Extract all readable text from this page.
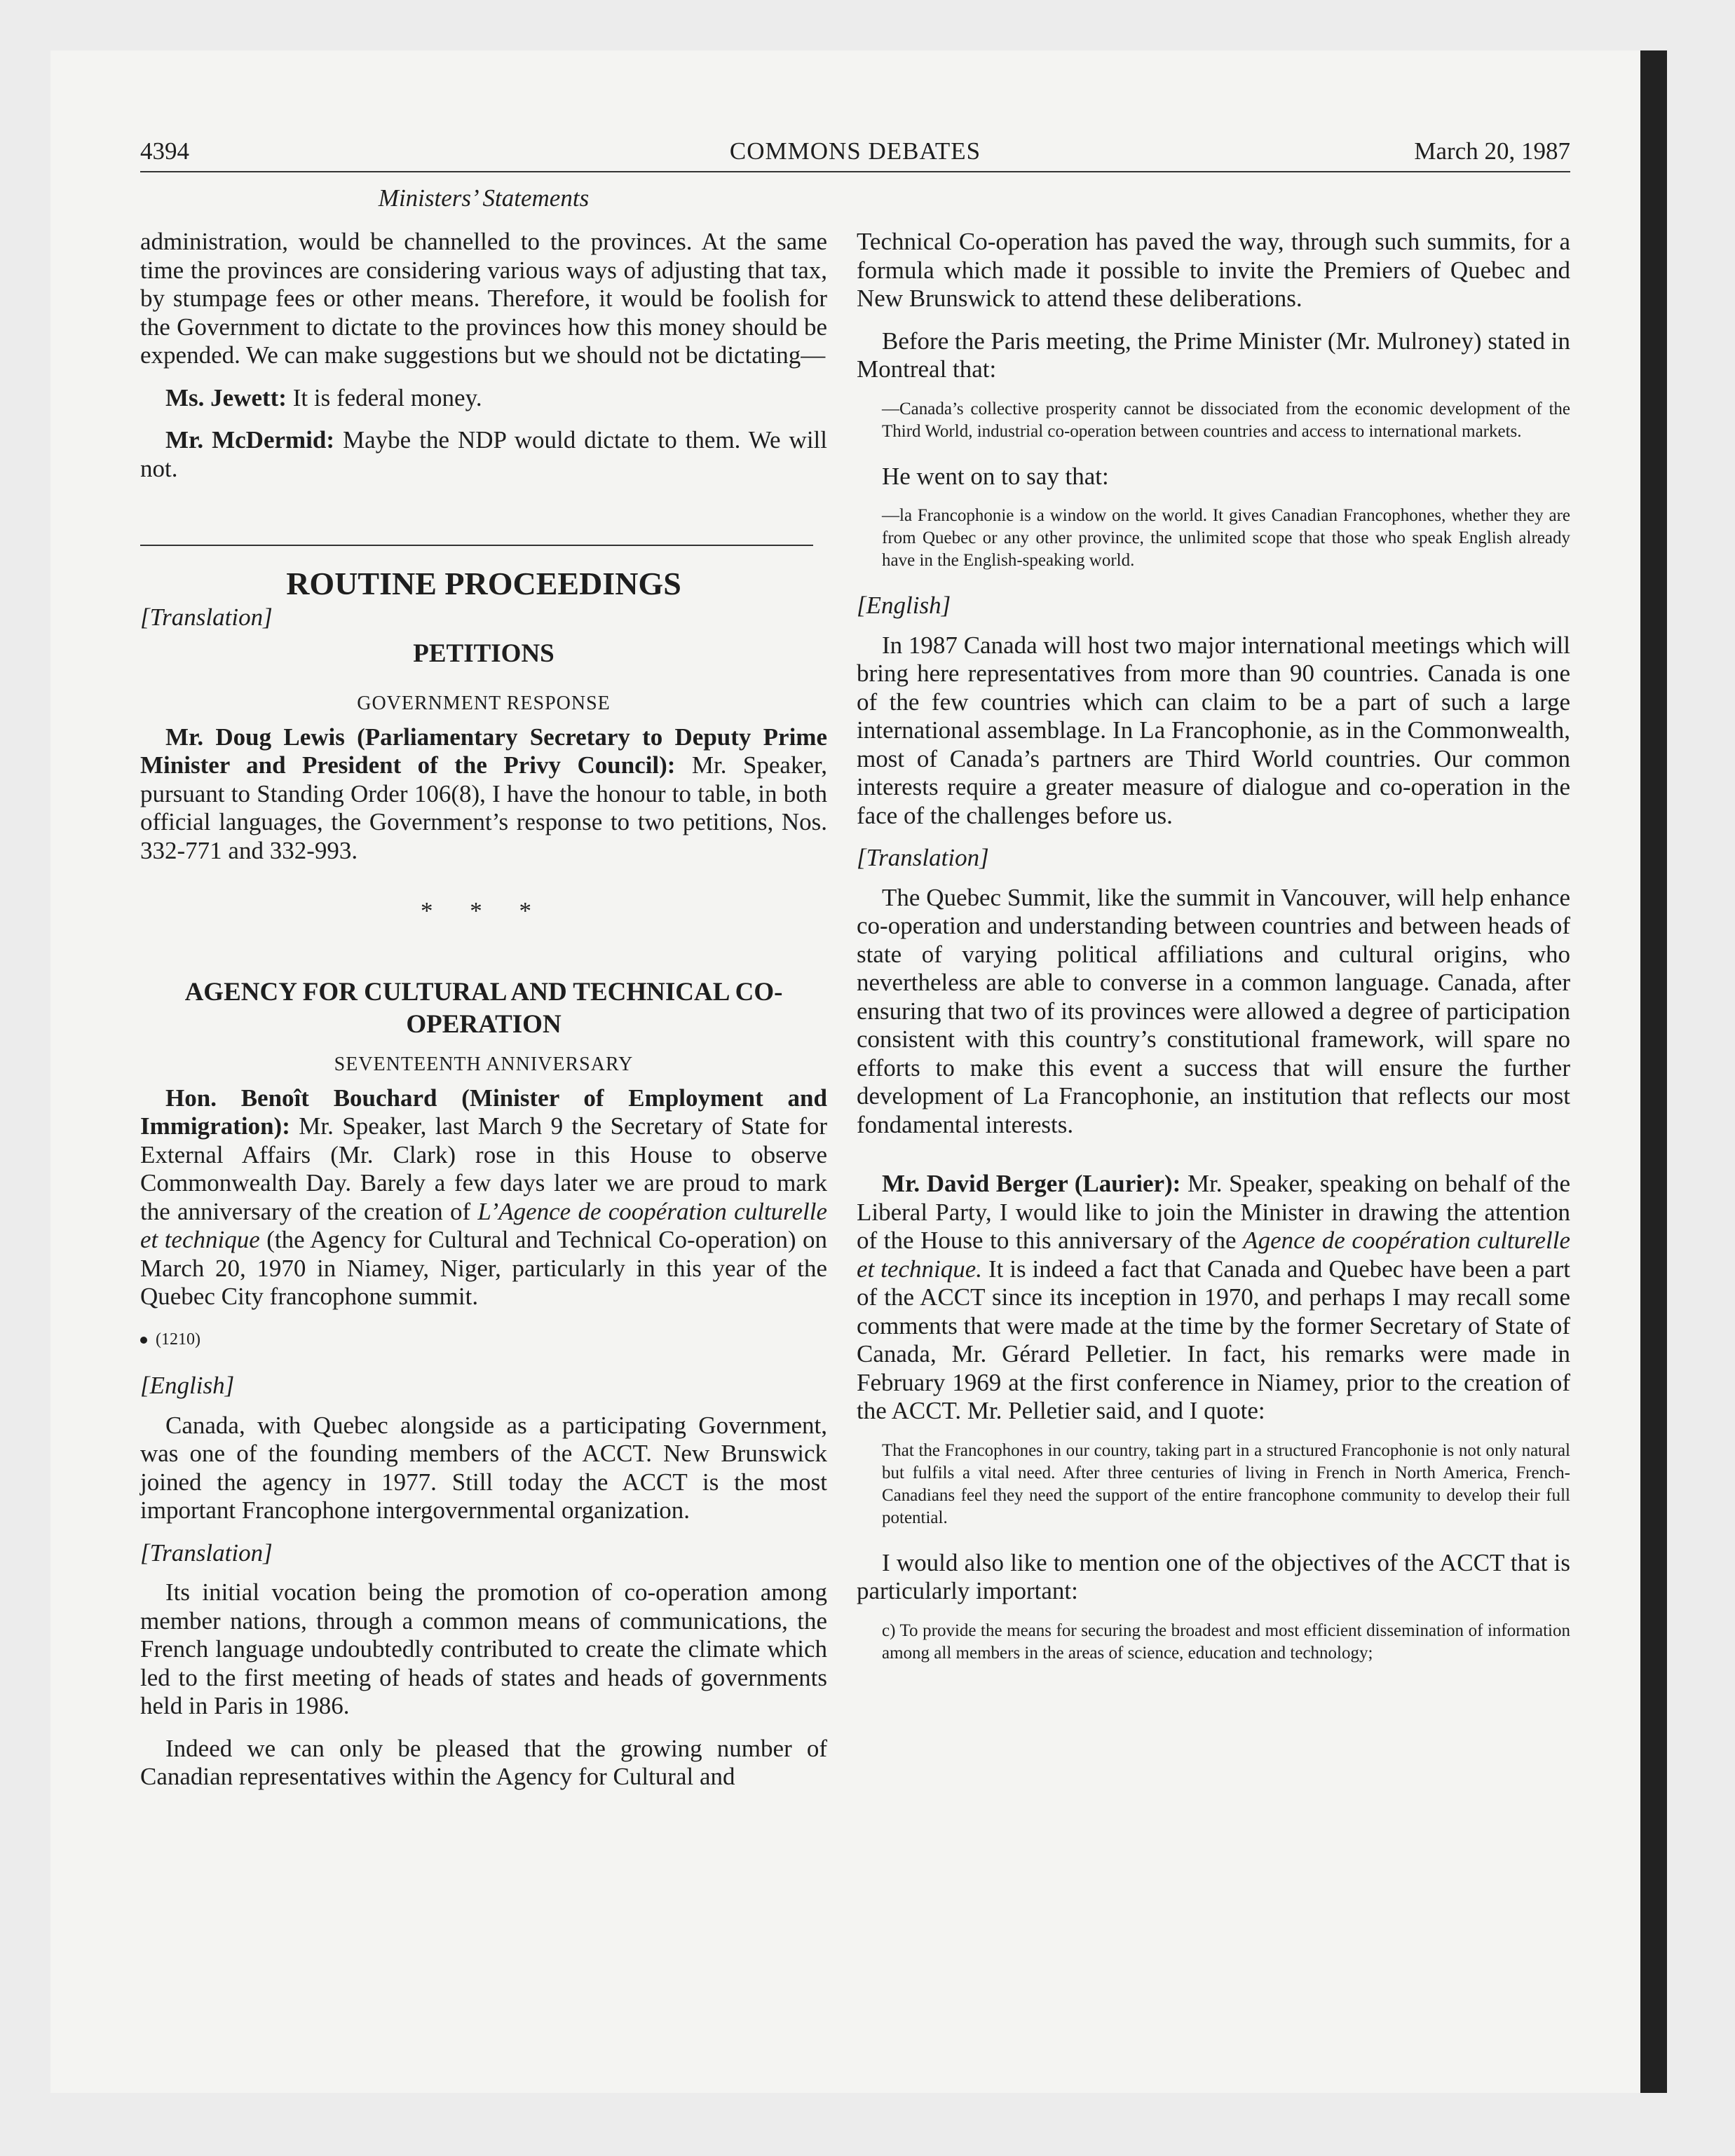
4394	COMMONS DEBATES	March 20, 1987
Ministers’ Statements

administration, would be channelled to the provinces. At the same time the provinces are considering various ways of adjusting that tax, by stumpage fees or other means. Therefore, it would be foolish for the Government to dictate to the provinces how this money should be expended. We can make suggestions but we should not be dictating—

Ms. Jewett: It is federal money.

Mr. McDermid: Maybe the NDP would dictate to them. We will not.

ROUTINE PROCEEDINGS
[Translation]
PETITIONS
GOVERNMENT RESPONSE

Mr. Doug Lewis (Parliamentary Secretary to Deputy Prime Minister and President of the Privy Council): Mr. Speaker, pursuant to Standing Order 106(8), I have the honour to table, in both official languages, the Government’s response to two petitions, Nos. 332-771 and 332-993.

* * *
AGENCY FOR CULTURAL AND TECHNICAL CO-OPERATION
SEVENTEENTH ANNIVERSARY

Hon. Benoît Bouchard (Minister of Employment and Immigration): Mr. Speaker, last March 9 the Secretary of State for External Affairs (Mr. Clark) rose in this House to observe Commonwealth Day. Barely a few days later we are proud to mark the anniversary of the creation of L’Agence de coopération culturelle et technique (the Agency for Cultural and Technical Co-operation) on March 20, 1970 in Niamey, Niger, particularly in this year of the Quebec City francophone summit.

(1210)
[English]

Canada, with Quebec alongside as a participating Government, was one of the founding members of the ACCT. New Brunswick joined the agency in 1977. Still today the ACCT is the most important Francophone intergovernmental organization.

[Translation]

Its initial vocation being the promotion of co-operation among member nations, through a common means of communications, the French language undoubtedly contributed to create the climate which led to the first meeting of heads of states and heads of governments held in Paris in 1986.

Indeed we can only be pleased that the growing number of Canadian representatives within the Agency for Cultural and

Technical Co-operation has paved the way, through such summits, for a formula which made it possible to invite the Premiers of Quebec and New Brunswick to attend these deliberations.

Before the Paris meeting, the Prime Minister (Mr. Mulroney) stated in Montreal that:

—Canada’s collective prosperity cannot be dissociated from the economic development of the Third World, industrial co-operation between countries and access to international markets.

He went on to say that:

—la Francophonie is a window on the world. It gives Canadian Francophones, whether they are from Quebec or any other province, the unlimited scope that those who speak English already have in the English-speaking world.
[English]

In 1987 Canada will host two major international meetings which will bring here representatives from more than 90 countries. Canada is one of the few countries which can claim to be a part of such a large international assemblage. In La Francophonie, as in the Commonwealth, most of Canada’s partners are Third World countries. Our common interests require a greater measure of dialogue and co-operation in the face of the challenges before us.

[Translation]

The Quebec Summit, like the summit in Vancouver, will help enhance co-operation and understanding between countries and between heads of state of varying political affiliations and cultural origins, who nevertheless are able to converse in a common language. Canada, after ensuring that two of its provinces were allowed a degree of participation consistent with this country’s constitutional framework, will spare no efforts to make this event a success that will ensure the further development of La Francophonie, an institution that reflects our most fondamental interests.

Mr. David Berger (Laurier): Mr. Speaker, speaking on behalf of the Liberal Party, I would like to join the Minister in drawing the attention of the House to this anniversary of the Agence de coopération culturelle et technique. It is indeed a fact that Canada and Quebec have been a part of the ACCT since its inception in 1970, and perhaps I may recall some comments that were made at the time by the former Secretary of State of Canada, Mr. Gérard Pelletier. In fact, his remarks were made in February 1969 at the first conference in Niamey, prior to the creation of the ACCT. Mr. Pelletier said, and I quote:

That the Francophones in our country, taking part in a structured Francophonie is not only natural but fulfils a vital need. After three centuries of living in French in North America, French-Canadians feel they need the support of the entire francophone community to develop their full potential.

I would also like to mention one of the objectives of the ACCT that is particularly important:

c) To provide the means for securing the broadest and most efficient dissemination of information among all members in the areas of science, education and technology;
